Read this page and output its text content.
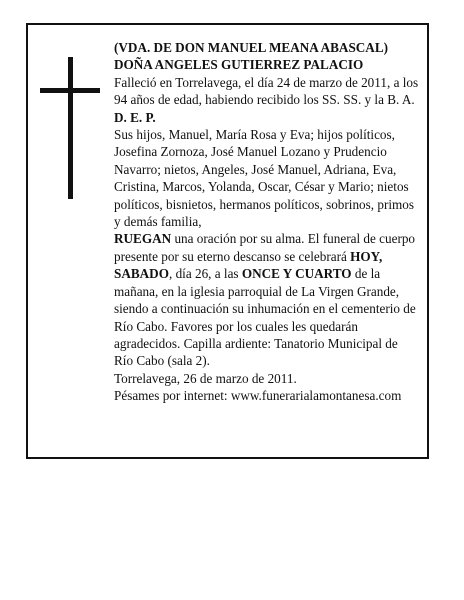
(VDA. DE DON MANUEL MEANA ABASCAL)

DOÑA ANGELES GUTIERREZ PALACIO

Falleció en Torrelavega, el día 24 de marzo de 2011, a los 94 años de edad, habiendo recibido los SS. SS. y la B. A.

D. E. P.

Sus hijos, Manuel, María Rosa y Eva; hijos políticos, Josefina Zornoza, José Manuel Lozano y Prudencio Navarro; nietos, Angeles, José Manuel, Adriana, Eva, Cristina, Marcos, Yolanda, Oscar, César y Mario; nietos políticos, bisnietos, hermanos políticos, sobrinos, primos y demás familia,

RUEGAN una oración por su alma. El funeral de cuerpo presente por su eterno descanso se celebrará HOY, SABADO, día 26, a las ONCE Y CUARTO de la mañana, en la iglesia parroquial de La Virgen Grande, siendo a continuación su inhumación en el cementerio de Río Cabo. Favores por los cuales les quedarán agradecidos. Capilla ardiente: Tanatorio Municipal de Río Cabo (sala 2).

Torrelavega, 26 de marzo de 2011.

Pésames por internet: www.funerarialamontanesa.com
